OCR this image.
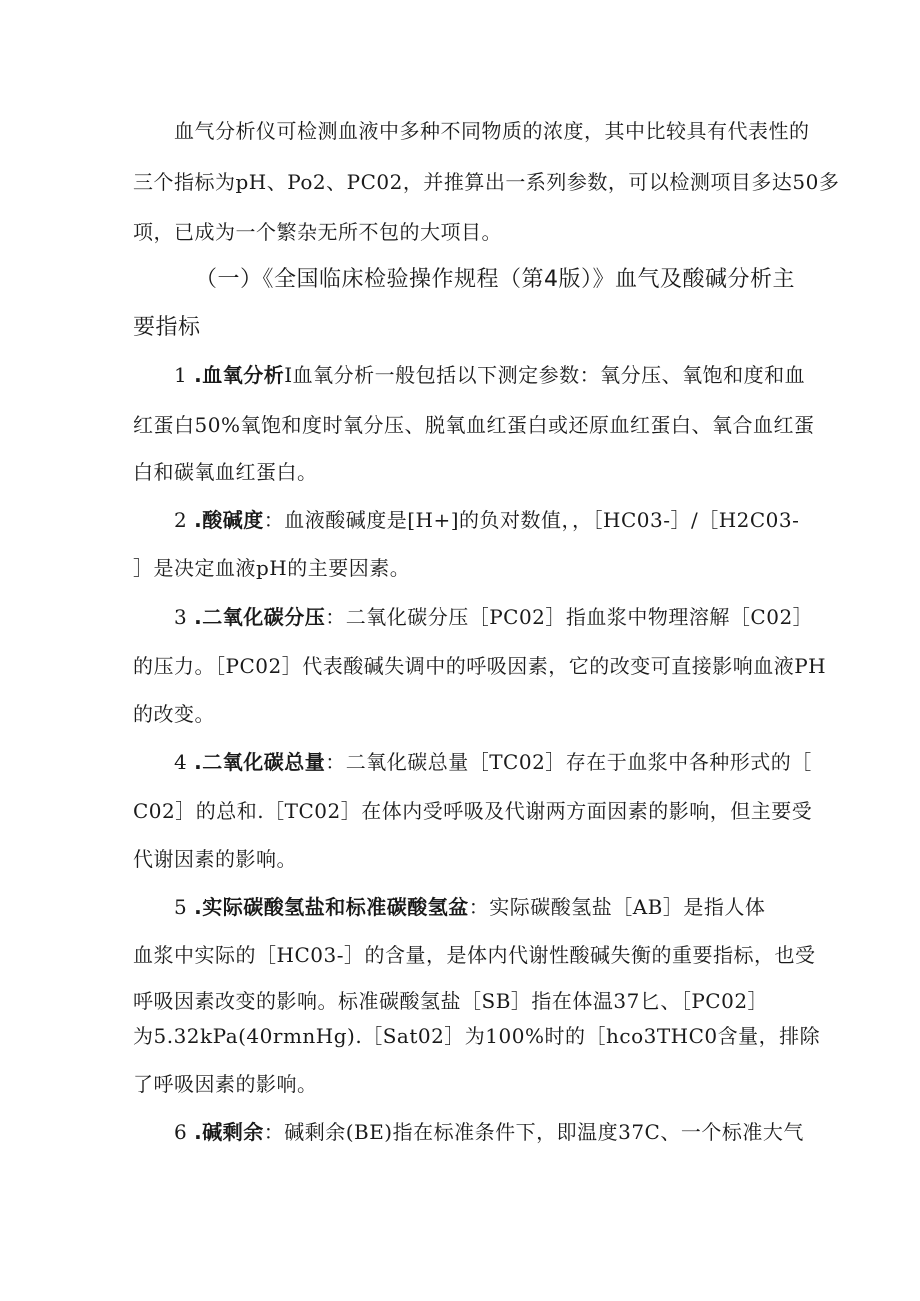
血气分析仪可检测血液中多种不同物质的浓度，其中比较具有代表性的
三个指标为pH、Po2、PC02，并推算出一系列参数，可以检测项目多达50多
项，已成为一个繁杂无所不包的大项目。
（一）《全国临床检验操作规程（第4版）》血气及酸碱分析主
要指标
1 .血氧分析I血氧分析一般包括以下测定参数：氧分压、氧饱和度和血
红蛋白50%氧饱和度时氧分压、脱氧血红蛋白或还原血红蛋白、氧合血红蛋
白和碳氧血红蛋白。
2 .酸碱度：血液酸碱度是[H+]的负对数值，，［HC03-］/［H2C03-
］是决定血液pH的主要因素。
3 .二氧化碳分压：二氧化碳分压［PC02］指血浆中物理溶解［C02］
的压力。［PC02］代表酸碱失调中的呼吸因素，它的改变可直接影响血液PH
的改变。
4 .二氧化碳总量：二氧化碳总量［TC02］存在于血浆中各种形式的［
C02］的总和.［TC02］在体内受呼吸及代谢两方面因素的影响，但主要受
代谢因素的影响。
5 .实际碳酸氢盐和标准碳酸氢盆：实际碳酸氢盐［AB］是指人体
血浆中实际的［HC03-］的含量，是体内代谢性酸碱失衡的重要指标，也受
呼吸因素改变的影响。标准碳酸氢盐［SB］指在体温37匕、［PC02］
为5.32kPa(40rmnHg).［Sat02］为100%时的［hco3THC0含量，排除
了呼吸因素的影响。
6 .碱剩余：碱剩余(BE)指在标准条件下，即温度37C、一个标准大气
